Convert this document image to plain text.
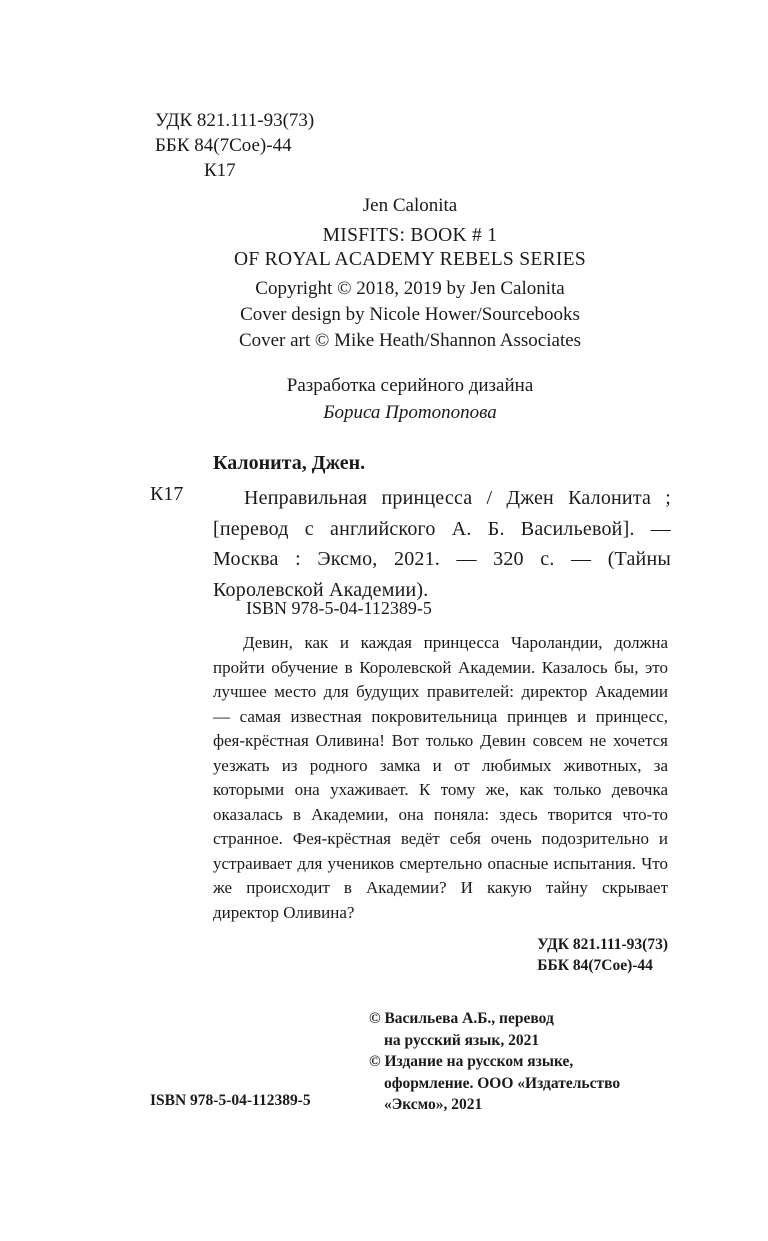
УДК 821.111-93(73)
ББК 84(7Сое)-44
К17
Jen Calonita
MISFITS: BOOK # 1
OF ROYAL ACADEMY REBELS SERIES
Copyright © 2018, 2019 by Jen Calonita
Cover design by Nicole Hower/Sourcebooks
Cover art © Mike Heath/Shannon Associates
Разработка серийного дизайна
Бориса Протопопова
Калонита, Джен.
К17	Неправильная принцесса / Джен Калонита ; [перевод с английского А. Б. Васильевой]. — Москва : Эксмо, 2021. — 320 с. — (Тайны Королевской Академии).
ISBN 978-5-04-112389-5

Девин, как и каждая принцесса Чароландии, должна пройти обучение в Королевской Академии. Казалось бы, это лучшее место для будущих правителей: директор Академии — самая известная покровительница принцев и принцесс, фея-крёстная Оливина! Вот только Девин совсем не хочется уезжать из родного замка и от любимых животных, за которыми она ухаживает. К тому же, как только девочка оказалась в Академии, она поняла: здесь творится что-то странное. Фея-крёстная ведёт себя очень подозрительно и устраивает для учеников смертельно опасные испытания. Что же происходит в Академии? И какую тайну скрывает директор Оливина?

УДК 821.111-93(73)
ББК 84(7Сое)-44
© Васильева А.Б., перевод
на русский язык, 2021
© Издание на русском языке,
оформление. ООО «Издательство
«Эксмо», 2021
ISBN 978-5-04-112389-5
